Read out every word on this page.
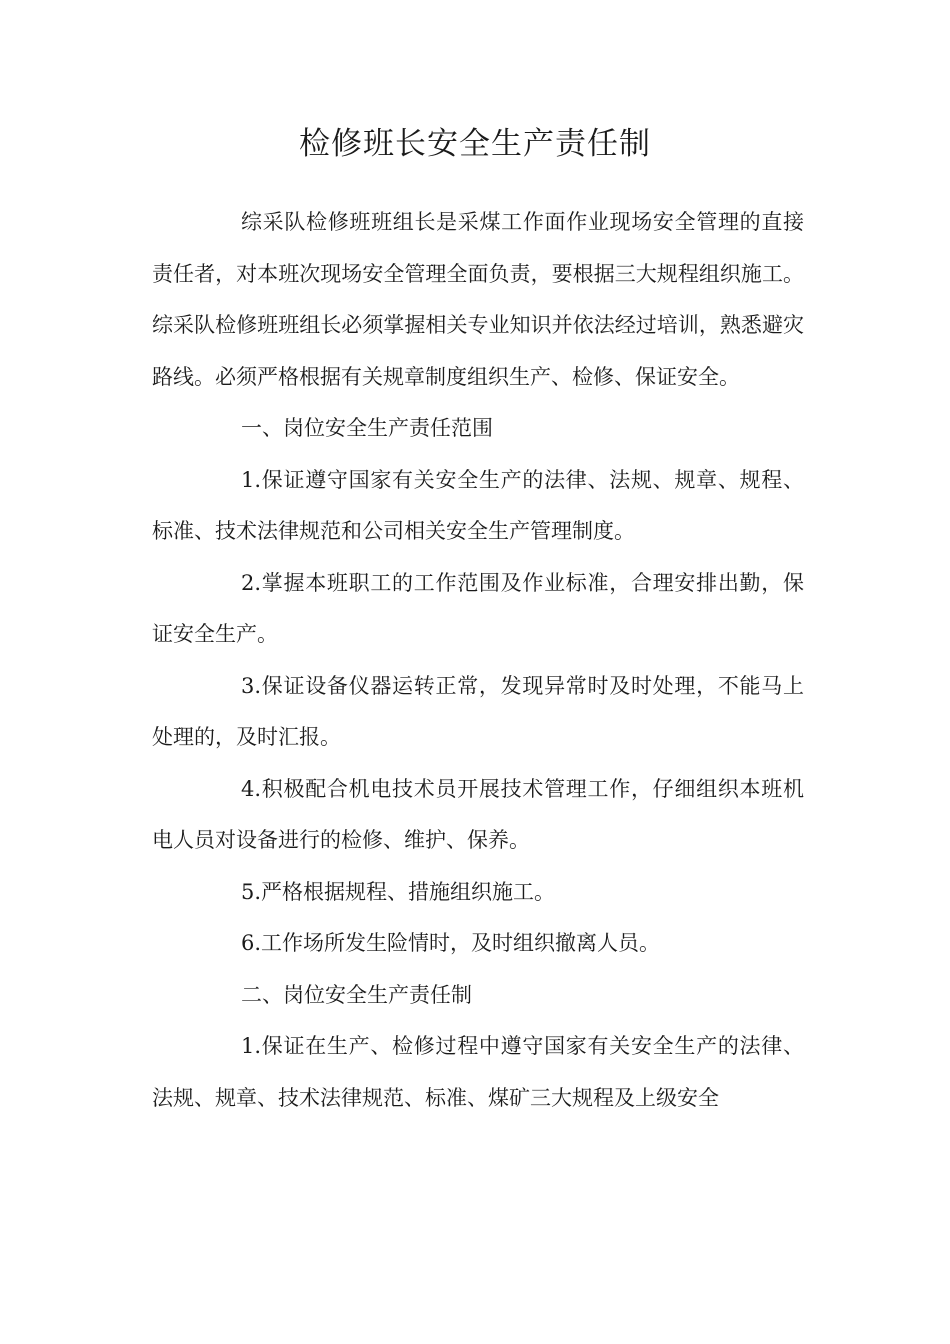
检修班长安全生产责任制

综采队检修班班组长是采煤工作面作业现场安全管理的直接责任者，对本班次现场安全管理全面负责，要根据三大规程组织施工。综采队检修班班组长必须掌握相关专业知识并依法经过培训，熟悉避灾路线。必须严格根据有关规章制度组织生产、检修、保证安全。

一、岗位安全生产责任范围

1.保证遵守国家有关安全生产的法律、法规、规章、规程、标准、技术法律规范和公司相关安全生产管理制度。

2.掌握本班职工的工作范围及作业标准，合理安排出勤，保证安全生产。

3.保证设备仪器运转正常，发现异常时及时处理，不能马上处理的，及时汇报。

4.积极配合机电技术员开展技术管理工作，仔细组织本班机电人员对设备进行的检修、维护、保养。

5.严格根据规程、措施组织施工。

6.工作场所发生险情时，及时组织撤离人员。

二、岗位安全生产责任制

1.保证在生产、检修过程中遵守国家有关安全生产的法律、法规、规章、技术法律规范、标准、煤矿三大规程及上级安全
